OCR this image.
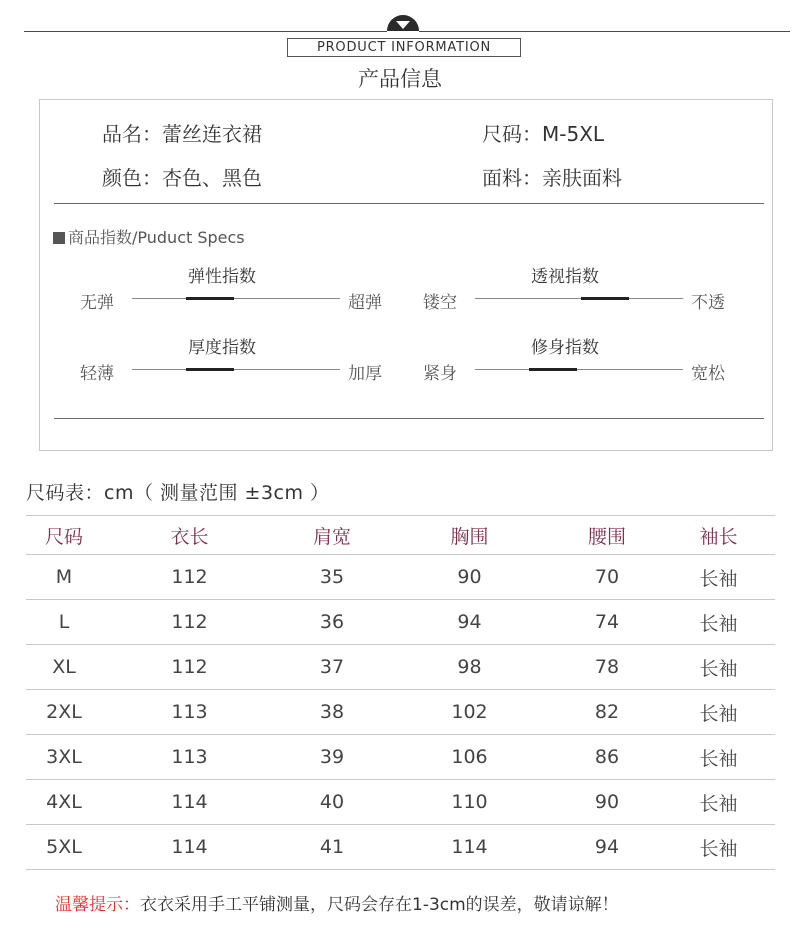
PRODUCT INFORMATION
产品信息
品名：蕾丝连衣裙	尺码：M-5XL
颜色：杏色、黑色	面料：亲肤面料
商品指数/Puduct Specs
无弹
弹性指数
超弹 镂空
透视指数
不透
轻薄
厚度指数
加厚 紧身
修身指数
宽松
尺码表：cm（ 测量范围 ±3cm ）
尺码	衣长	肩宽	胸围	腰围	袖长
M	112	35	90	70	长袖
L	112	36	94	74	长袖
XL	112	37	98	78	长袖
2XL	113	38	102	82	长袖
3XL	113	39	106	86	长袖
4XL	114	40	110	90	长袖
5XL	114	41	114	94	长袖
温馨提示：衣衣采用手工平铺测量，尺码会存在1-3cm的误差，敬请谅解！
